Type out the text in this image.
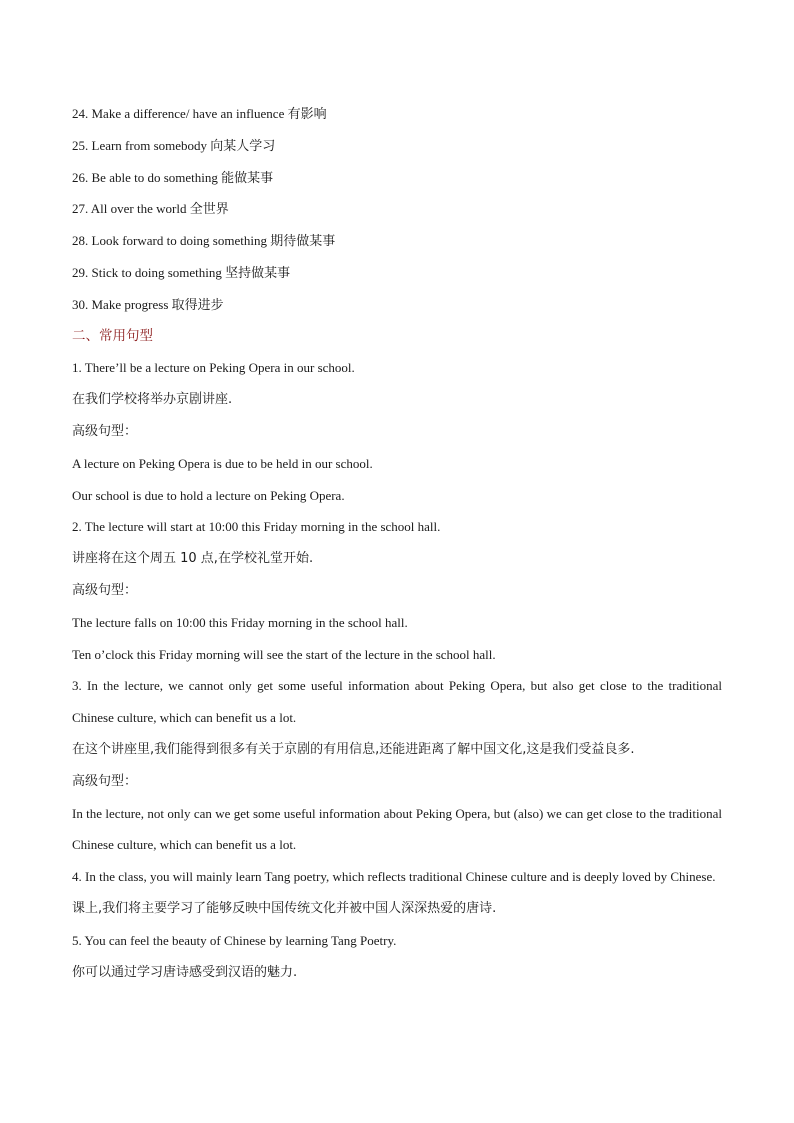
24. Make a difference/ have an influence 有影响
25. Learn from somebody 向某人学习
26. Be able to do something 能做某事
27. All over the world 全世界
28. Look forward to doing something 期待做某事
29. Stick to doing something 坚持做某事
30. Make progress 取得进步
二、常用句型
1. There’ll be a lecture on Peking Opera in our school.
在我们学校将举办京剧讲座.
高级句型：
A lecture on Peking Opera is due to be held in our school.
Our school is due to hold a lecture on Peking Opera.
2. The lecture will start at 10:00 this Friday morning in the school hall.
讲座将在这个周五 10 点,在学校礼堂开始.
高级句型：
The lecture falls on 10:00 this Friday morning in the school hall.
Ten o’clock this Friday morning will see the start of the lecture in the school hall.
3. In the lecture, we cannot only get some useful information about Peking Opera, but also get close to the traditional Chinese culture, which can benefit us a lot.
在这个讲座里,我们能得到很多有关于京剧的有用信息,还能进距离了解中国文化,这是我们受益良多.
高级句型：
In the lecture, not only can we get some useful information about Peking Opera, but (also) we can get close to the traditional Chinese culture, which can benefit us a lot.
4. In the class, you will mainly learn Tang poetry, which reflects traditional Chinese culture and is deeply loved by Chinese.
课上,我们将主要学习了能够反映中国传统文化并被中国人深深热爱的唐诗.
5. You can feel the beauty of Chinese by learning Tang Poetry.
你可以通过学习唐诗感受到汉语的魅力.
